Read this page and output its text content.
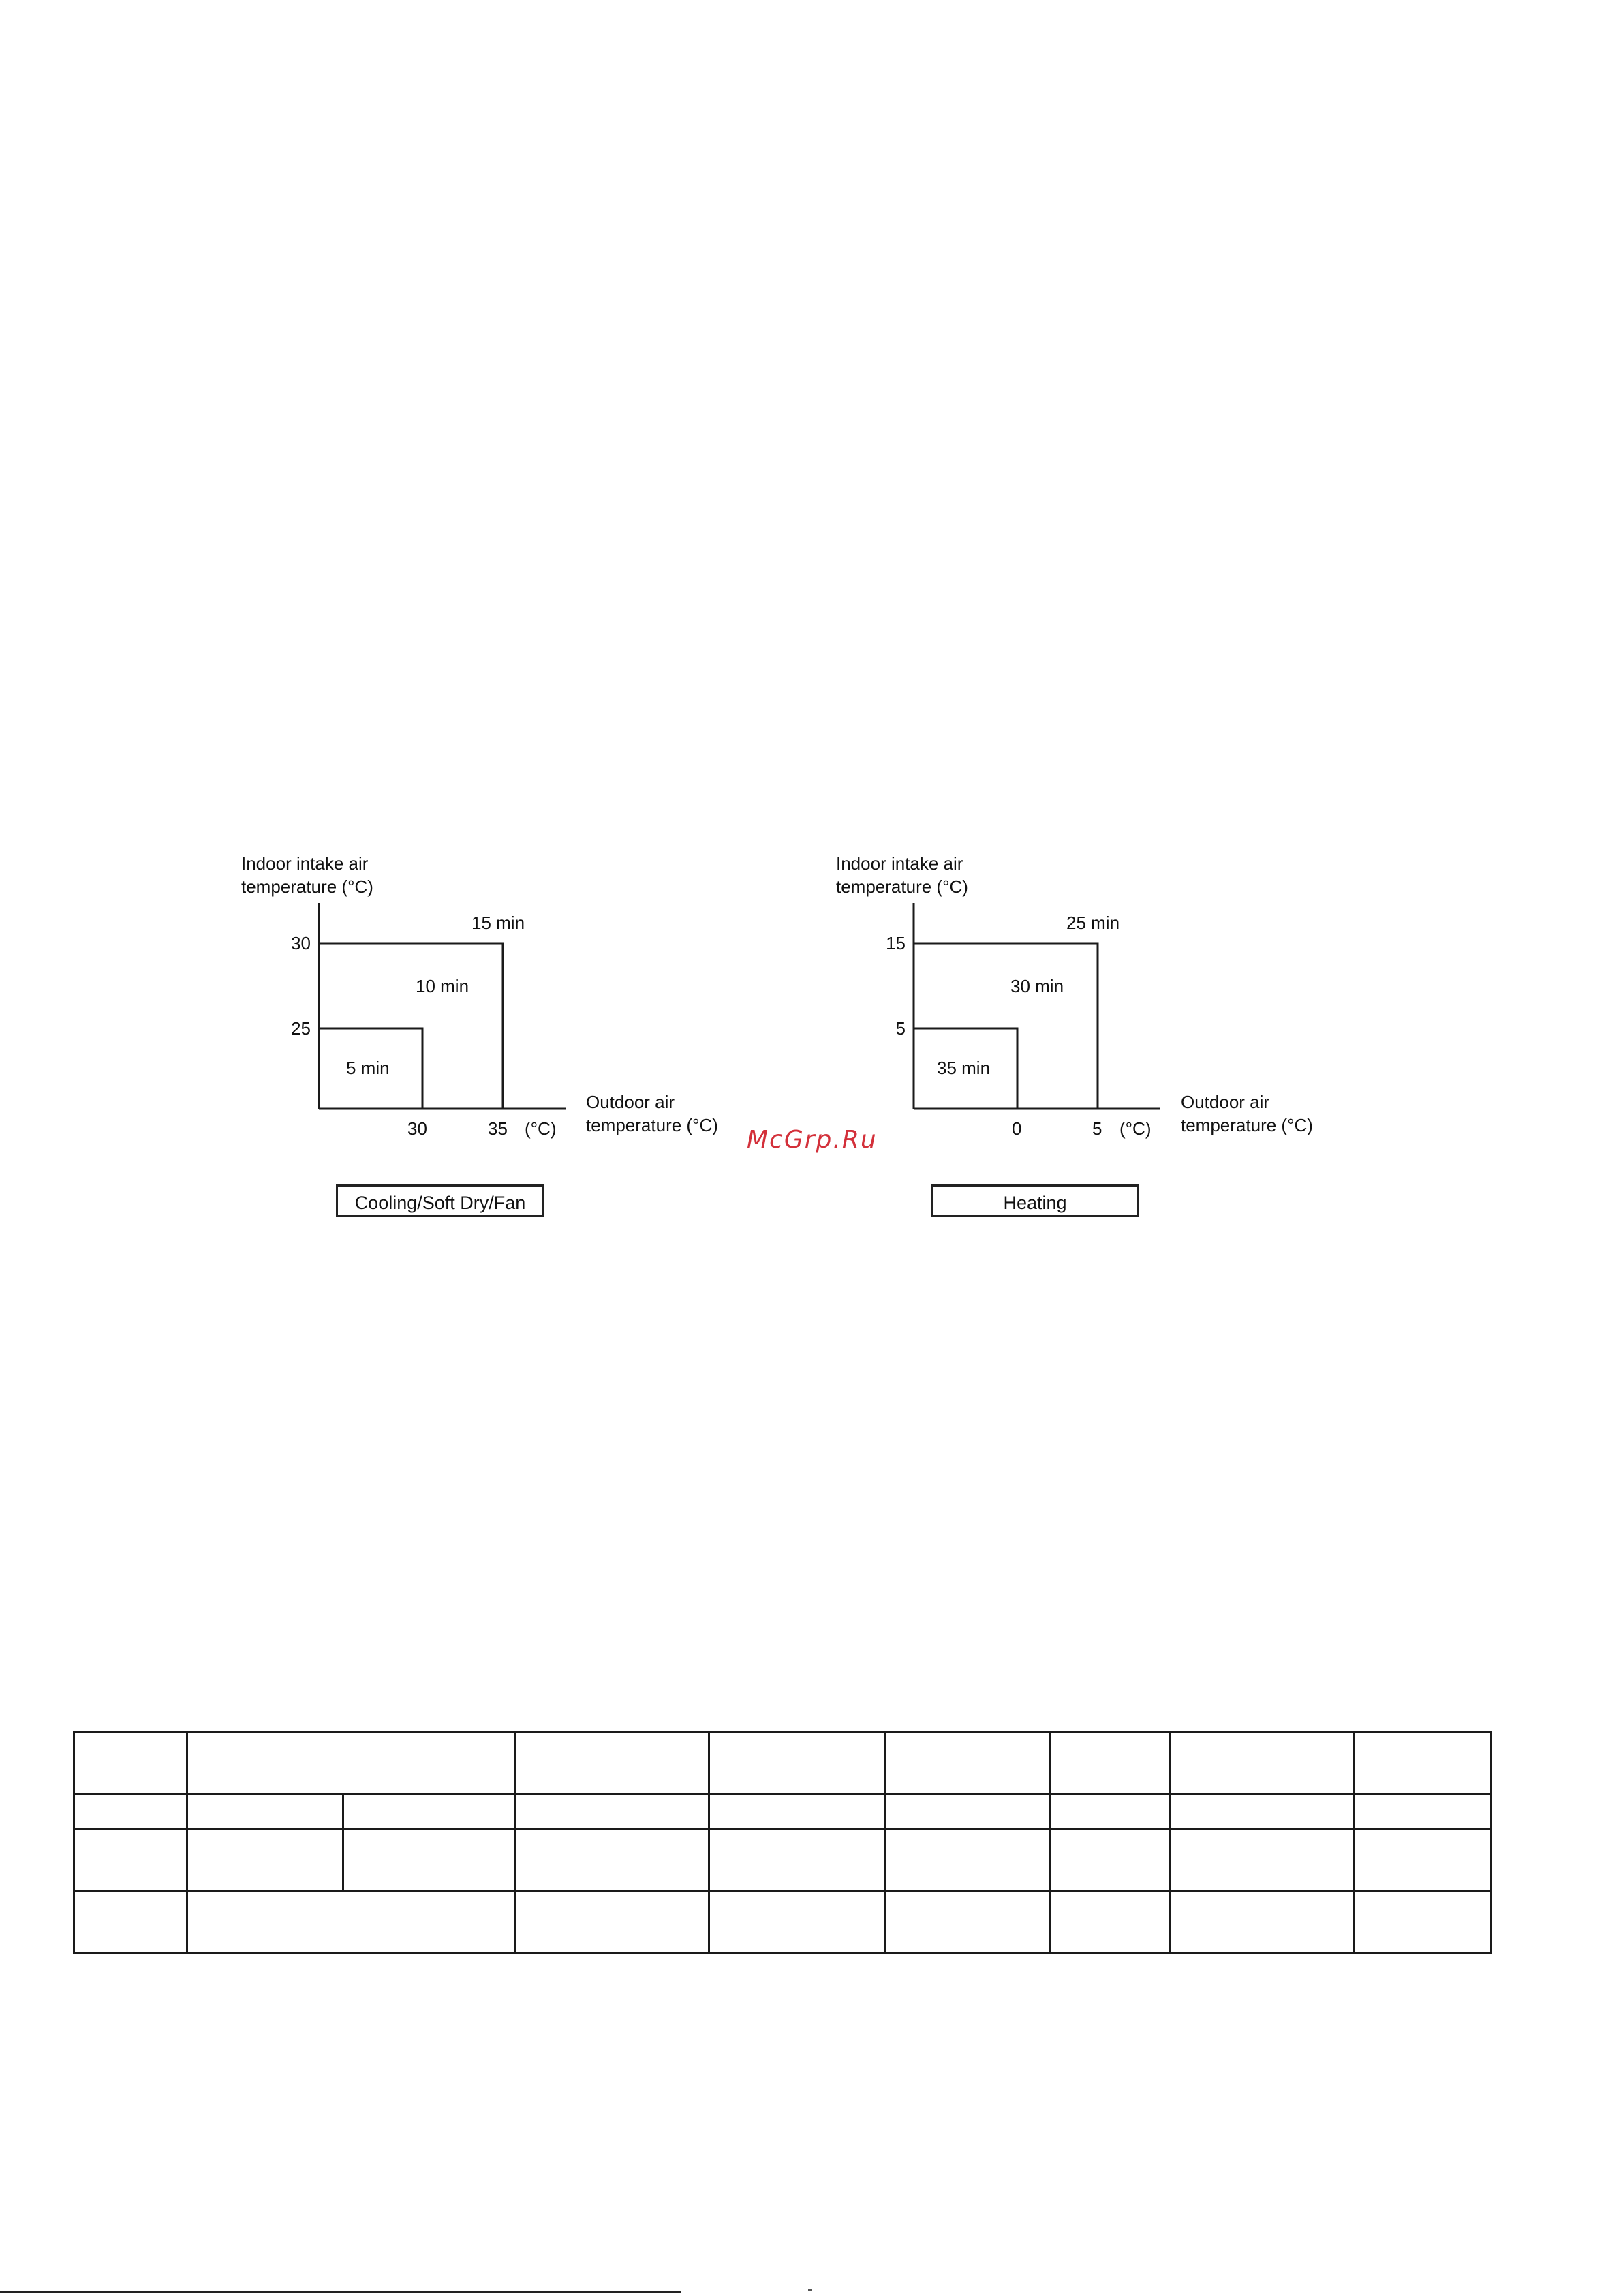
Indoor intake air
temperature (°C)
30
25
30	35 (°C)
Outdoor air
temperature (°C)
15 min
10 min
5 min
Cooling/Soft Dry/Fan
Indoor intake air
temperature (°C)
15
5
0	5 (°C)
Outdoor air
temperature (°C)
25 min
30 min
35 min
Heating
McGrp.Ru
